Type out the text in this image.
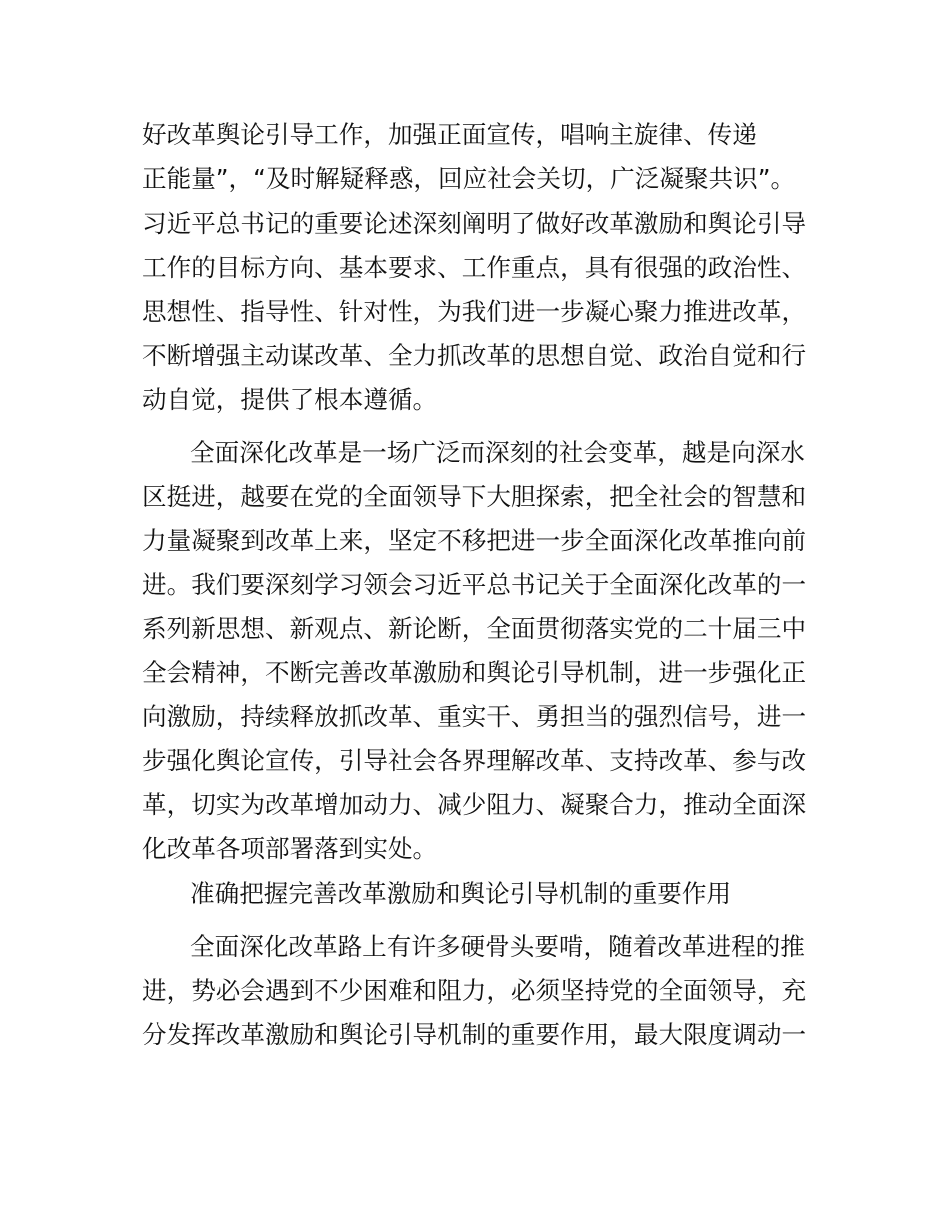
好改革舆论引导工作，加强正面宣传，唱响主旋律、传递
正能量”，“及时解疑释惑，回应社会关切，广泛凝聚共识”。
习近平总书记的重要论述深刻阐明了做好改革激励和舆论引导
工作的目标方向、基本要求、工作重点，具有很强的政治性、
思想性、指导性、针对性，为我们进一步凝心聚力推进改革，
不断增强主动谋改革、全力抓改革的思想自觉、政治自觉和行
动自觉，提供了根本遵循。
全面深化改革是一场广泛而深刻的社会变革，越是向深水
区挺进，越要在党的全面领导下大胆探索，把全社会的智慧和
力量凝聚到改革上来，坚定不移把进一步全面深化改革推向前
进。我们要深刻学习领会习近平总书记关于全面深化改革的一
系列新思想、新观点、新论断，全面贯彻落实党的二十届三中
全会精神，不断完善改革激励和舆论引导机制，进一步强化正
向激励，持续释放抓改革、重实干、勇担当的强烈信号，进一
步强化舆论宣传，引导社会各界理解改革、支持改革、参与改
革，切实为改革增加动力、减少阻力、凝聚合力，推动全面深
化改革各项部署落到实处。
准确把握完善改革激励和舆论引导机制的重要作用
全面深化改革路上有许多硬骨头要啃，随着改革进程的推
进，势必会遇到不少困难和阻力，必须坚持党的全面领导，充
分发挥改革激励和舆论引导机制的重要作用，最大限度调动一
